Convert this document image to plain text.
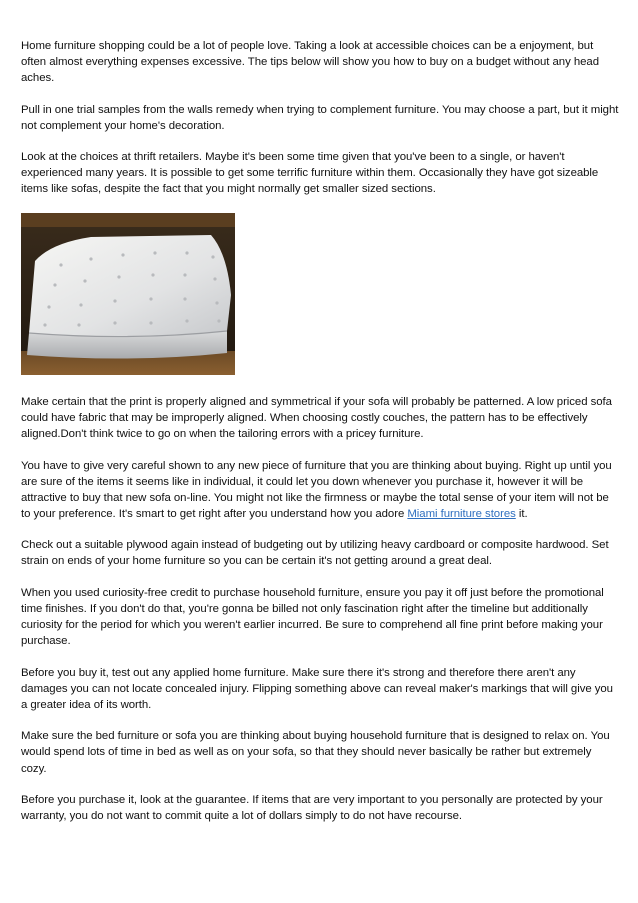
Home furniture shopping could be a lot of people love. Taking a look at accessible choices can be a enjoyment, but often almost everything expenses excessive. The tips below will show you how to buy on a budget without any head aches.

Pull in one trial samples from the walls remedy when trying to complement furniture. You may choose a part, but it might not complement your home's decoration.

Look at the choices at thrift retailers. Maybe it's been some time given that you've been to a single, or haven't experienced many years. It is possible to get some terrific furniture within them. Occasionally they have got sizeable items like sofas, despite the fact that you might normally get smaller sized sections.

Make certain that the print is properly aligned and symmetrical if your sofa will probably be patterned. A low priced sofa could have fabric that may be improperly aligned. When choosing costly couches, the pattern has to be effectively aligned.Don't think twice to go on when the tailoring errors with a pricey furniture.

You have to give very careful shown to any new piece of furniture that you are thinking about buying. Right up until you are sure of the items it seems like in individual, it could let you down whenever you purchase it, however it will be attractive to buy that new sofa on-line. You might not like the firmness or maybe the total sense of your item will not be to your preference. It's smart to get right after you understand how you adore Miami furniture stores it.

Check out a suitable plywood again instead of budgeting out by utilizing heavy cardboard or composite hardwood. Set strain on ends of your home furniture so you can be certain it's not getting around a great deal.

When you used curiosity-free credit to purchase household furniture, ensure you pay it off just before the promotional time finishes. If you don't do that, you're gonna be billed not only fascination right after the timeline but additionally curiosity for the period for which you weren't earlier incurred. Be sure to comprehend all fine print before making your purchase.

Before you buy it, test out any applied home furniture. Make sure there it's strong and therefore there aren't any damages you can not locate concealed injury. Flipping something above can reveal maker's markings that will give you a greater idea of its worth.

Make sure the bed furniture or sofa you are thinking about buying household furniture that is designed to relax on. You would spend lots of time in bed as well as on your sofa, so that they should never basically be rather but extremely cozy.

Before you purchase it, look at the guarantee. If items that are very important to you personally are protected by your warranty, you do not want to commit quite a lot of dollars simply to do not have recourse.
